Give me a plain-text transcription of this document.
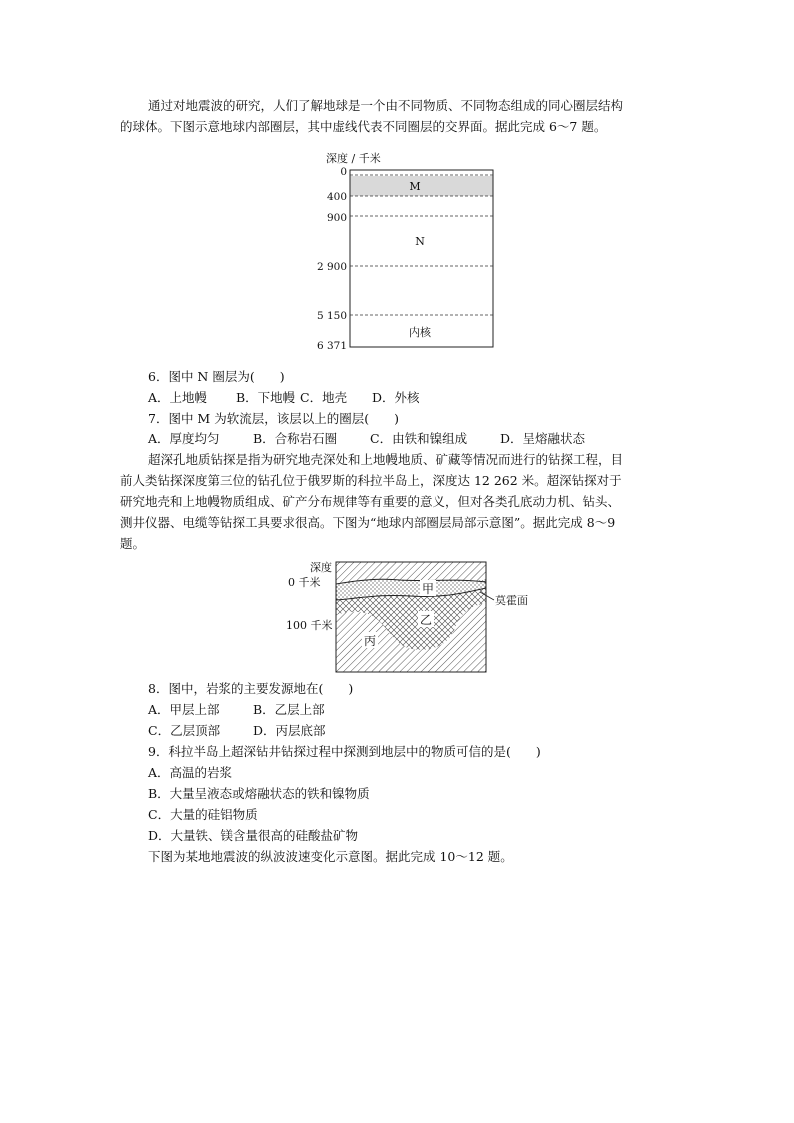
通过对地震波的研究，人们了解地球是一个由不同物质、不同物态组成的同心圈层结构
的球体。下图示意地球内部圈层，其中虚线代表不同圈层的交界面。据此完成 6～7 题。
深度 / 千米
0
400
900
2 900
5 150
6 371
M
N
内核
6．图中 N 圈层为(　　)
A．上地幔 B．下地幔 C．地壳 D．外核
7．图中 M 为软流层，该层以上的圈层(　　)
A．厚度均匀	B．合称岩石圈	C．由铁和镍组成	D．呈熔融状态
超深孔地质钻探是指为研究地壳深处和上地幔地质、矿藏等情况而进行的钻探工程，目
前人类钻探深度第三位的钻孔位于俄罗斯的科拉半岛上，深度达 12 262 米。超深钻探对于
研究地壳和上地幔物质组成、矿产分布规律等有重要的意义，但对各类孔底动力机、钻头、
测井仪器、电缆等钻探工具要求很高。下图为“地球内部圈层局部示意图”。据此完成 8～9
题。
深度
0 千米
100 千米
莫霍面
甲
乙
丙
8．图中，岩浆的主要发源地在(　　)
A．甲层上部	B．乙层上部
C．乙层顶部	D．丙层底部
9．科拉半岛上超深钻井钻探过程中探测到地层中的物质可信的是(　　)
A．高温的岩浆
B．大量呈液态或熔融状态的铁和镍物质
C．大量的硅铝物质
D．大量铁、镁含量很高的硅酸盐矿物
下图为某地地震波的纵波波速变化示意图。据此完成 10～12 题。
